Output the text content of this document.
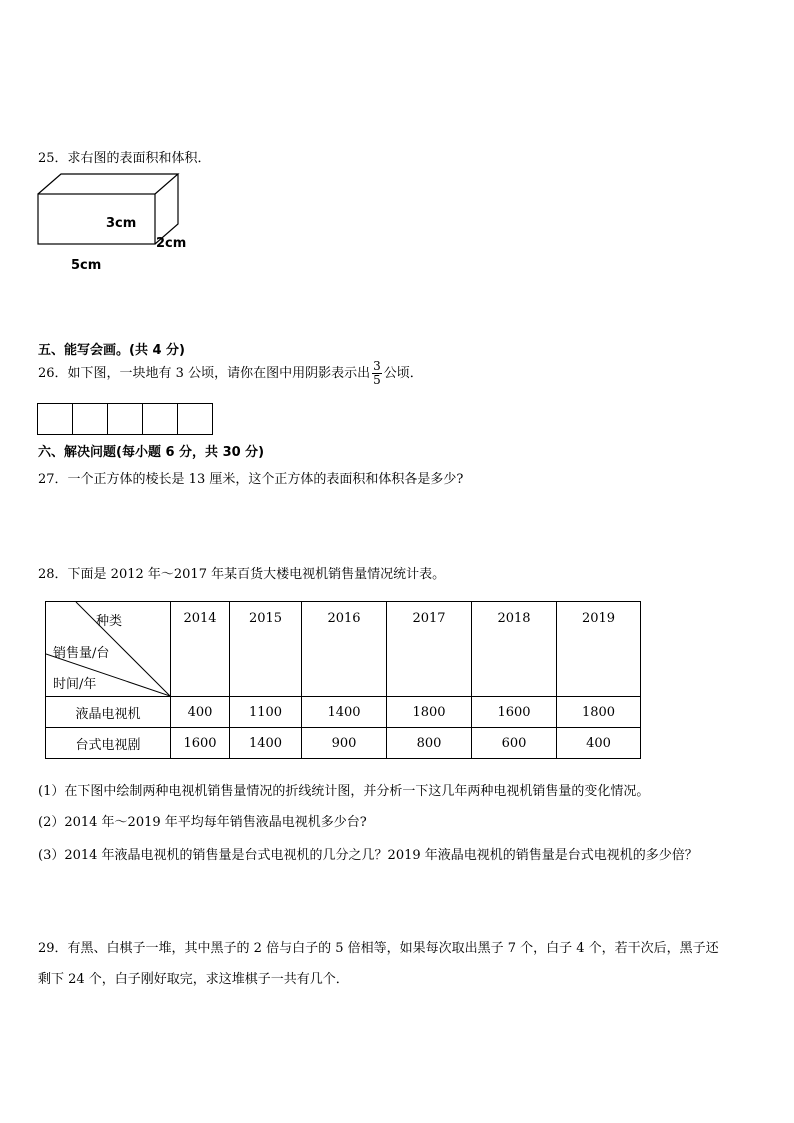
25．求右图的表面积和体积．
3cm
2cm
5cm
五、能写会画。(共 4 分)
26．如下图，一块地有 3 公顷，请你在图中用阴影表示出 $\frac{3}{5}$ 公顷．
六、解决问题(每小题 6 分，共 30 分)
27．一个正方体的棱长是 13 厘米，这个正方体的表面积和体积各是多少?
28．下面是 2012 年～2017 年某百货大楼电视机销售量情况统计表。
种类
销售量/台
时间/年	2014	2015	2016	2017	2018	2019
液晶电视机	400	1100	1400	1800	1600	1800
台式电视剧	1600	1400	900	800	600	400
(1）在下图中绘制两种电视机销售量情况的折线统计图，并分析一下这几年两种电视机销售量的变化情况。
(2）2014 年～2019 年平均每年销售液晶电视机多少台?
(3）2014 年液晶电视机的销售量是台式电视机的几分之几？2019 年液晶电视机的销售量是台式电视机的多少倍？
29．有黑、白棋子一堆，其中黑子的 2 倍与白子的 5 倍相等，如果每次取出黑子 7 个，白子 4 个，若干次后，黑子还
剩下 24 个，白子刚好取完，求这堆棋子一共有几个．
